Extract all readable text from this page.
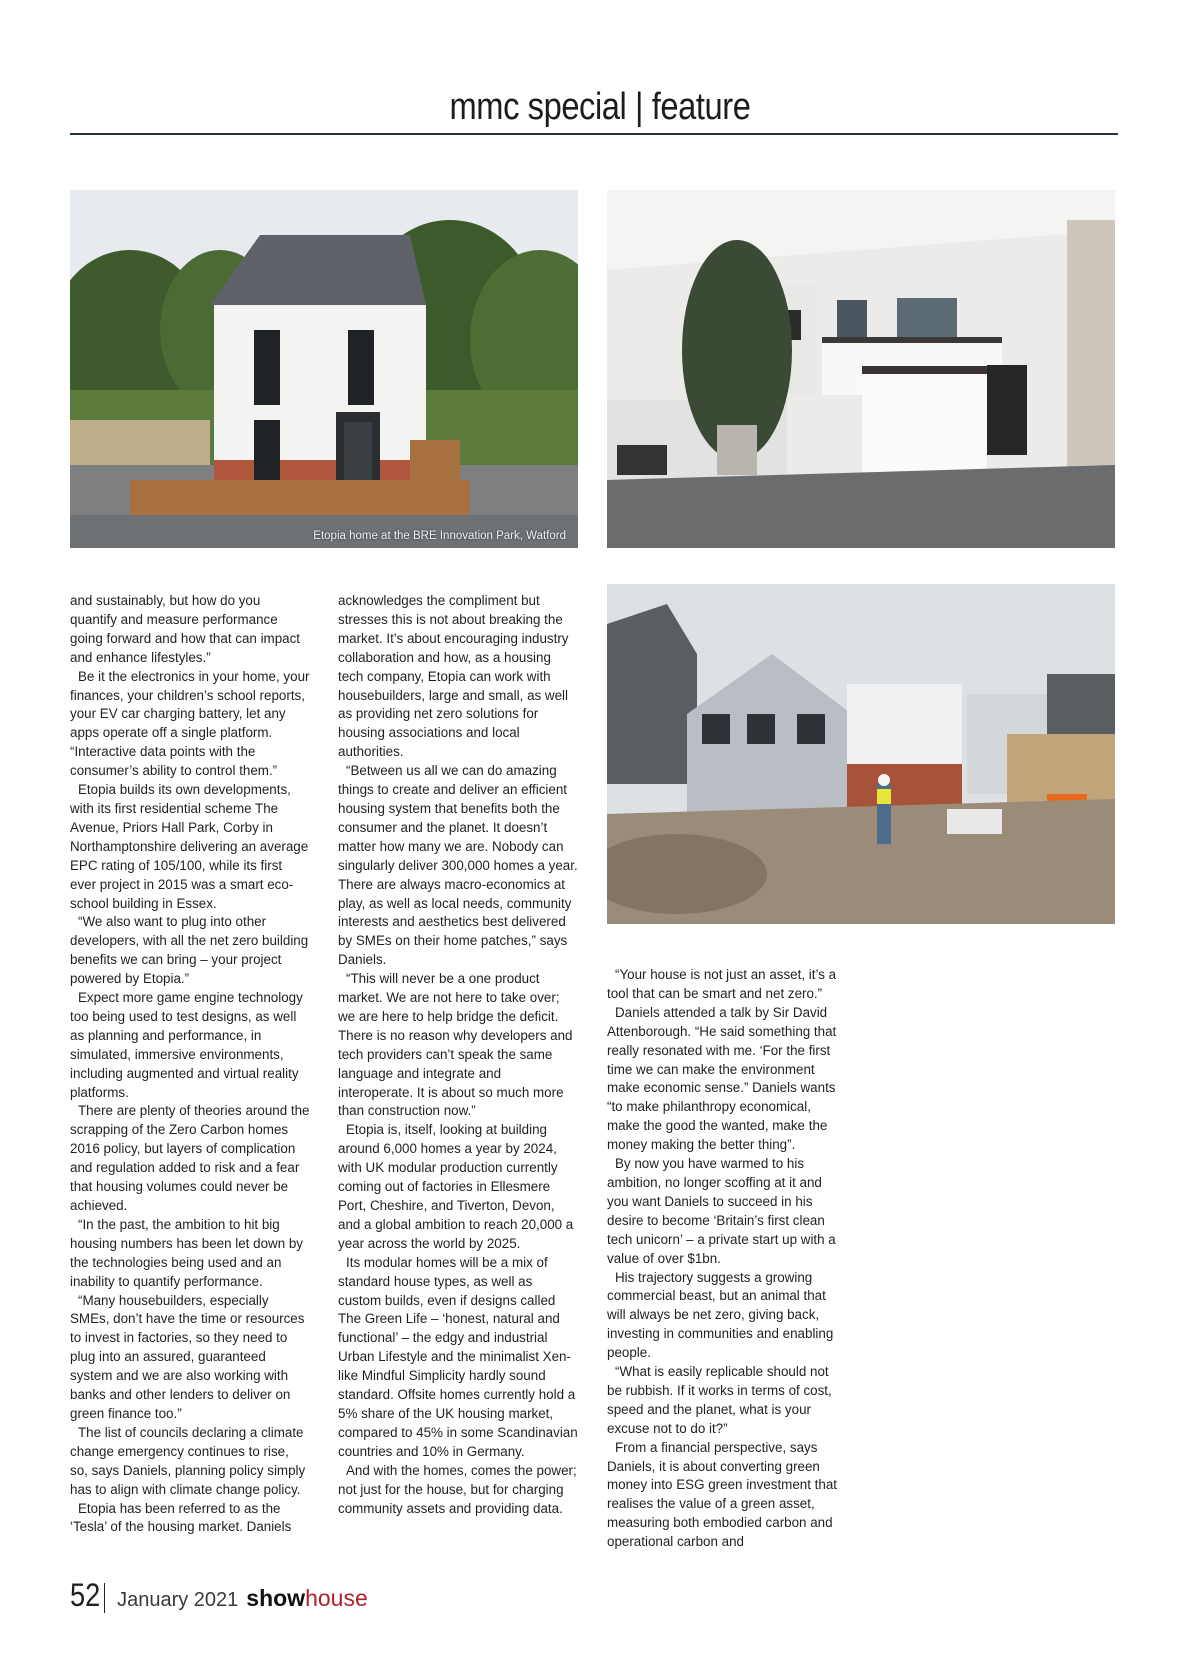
mmc special | feature
Etopia home at the BRE Innovation Park, Watford

and sustainably, but how do you quantify and measure performance going forward and how that can impact and enhance lifestyles.”

Be it the electronics in your home, your finances, your children’s school reports, your EV car charging battery, let any apps operate off a single platform. “Interactive data points with the consumer’s ability to control them.”

Etopia builds its own developments, with its first residential scheme The Avenue, Priors Hall Park, Corby in Northamptonshire delivering an average EPC rating of 105/100, while its first ever project in 2015 was a smart eco-school building in Essex.

“We also want to plug into other developers, with all the net zero building benefits we can bring – your project powered by Etopia.”

Expect more game engine technology too being used to test designs, as well as planning and performance, in simulated, immersive environments, including augmented and virtual reality platforms.

There are plenty of theories around the scrapping of the Zero Carbon homes 2016 policy, but layers of complication and regulation added to risk and a fear that housing volumes could never be achieved.

“In the past, the ambition to hit big housing numbers has been let down by the technologies being used and an inability to quantify performance.

“Many housebuilders, especially SMEs, don’t have the time or resources to invest in factories, so they need to plug into an assured, guaranteed system and we are also working with banks and other lenders to deliver on green finance too.”

The list of councils declaring a climate change emergency continues to rise, so, says Daniels, planning policy simply has to align with climate change policy.

Etopia has been referred to as the ‘Tesla’ of the housing market. Daniels

acknowledges the compliment but stresses this is not about breaking the market. It’s about encouraging industry collaboration and how, as a housing tech company, Etopia can work with housebuilders, large and small, as well as providing net zero solutions for housing associations and local authorities.

“Between us all we can do amazing things to create and deliver an efficient housing system that benefits both the consumer and the planet. It doesn’t matter how many we are. Nobody can singularly deliver 300,000 homes a year. There are always macro-economics at play, as well as local needs, community interests and aesthetics best delivered by SMEs on their home patches,” says Daniels.

“This will never be a one product market. We are not here to take over; we are here to help bridge the deficit. There is no reason why developers and tech providers can’t speak the same language and integrate and interoperate. It is about so much more than construction now.”

Etopia is, itself, looking at building around 6,000 homes a year by 2024, with UK modular production currently coming out of factories in Ellesmere Port, Cheshire, and Tiverton, Devon, and a global ambition to reach 20,000 a year across the world by 2025.

Its modular homes will be a mix of standard house types, as well as custom builds, even if designs called The Green Life – ‘honest, natural and functional’ – the edgy and industrial Urban Lifestyle and the minimalist Xen-like Mindful Simplicity hardly sound standard. Offsite homes currently hold a 5% share of the UK housing market, compared to 45% in some Scandinavian countries and 10% in Germany.

And with the homes, comes the power; not just for the house, but for charging community assets and providing data.

“Your house is not just an asset, it’s a tool that can be smart and net zero.”

Daniels attended a talk by Sir David Attenborough. “He said something that really resonated with me. ‘For the first time we can make the environment make economic sense.” Daniels wants “to make philanthropy economical, make the good the wanted, make the money making the better thing”.

By now you have warmed to his ambition, no longer scoffing at it and you want Daniels to succeed in his desire to become ‘Britain’s first clean tech unicorn’ – a private start up with a value of over $1bn.

His trajectory suggests a growing commercial beast, but an animal that will always be net zero, giving back, investing in communities and enabling people.

“What is easily replicable should not be rubbish. If it works in terms of cost, speed and the planet, what is your excuse not to do it?”

From a financial perspective, says Daniels, it is about converting green money into ESG green investment that realises the value of a green asset, measuring both embodied carbon and operational carbon and

52 January 2021 show house
